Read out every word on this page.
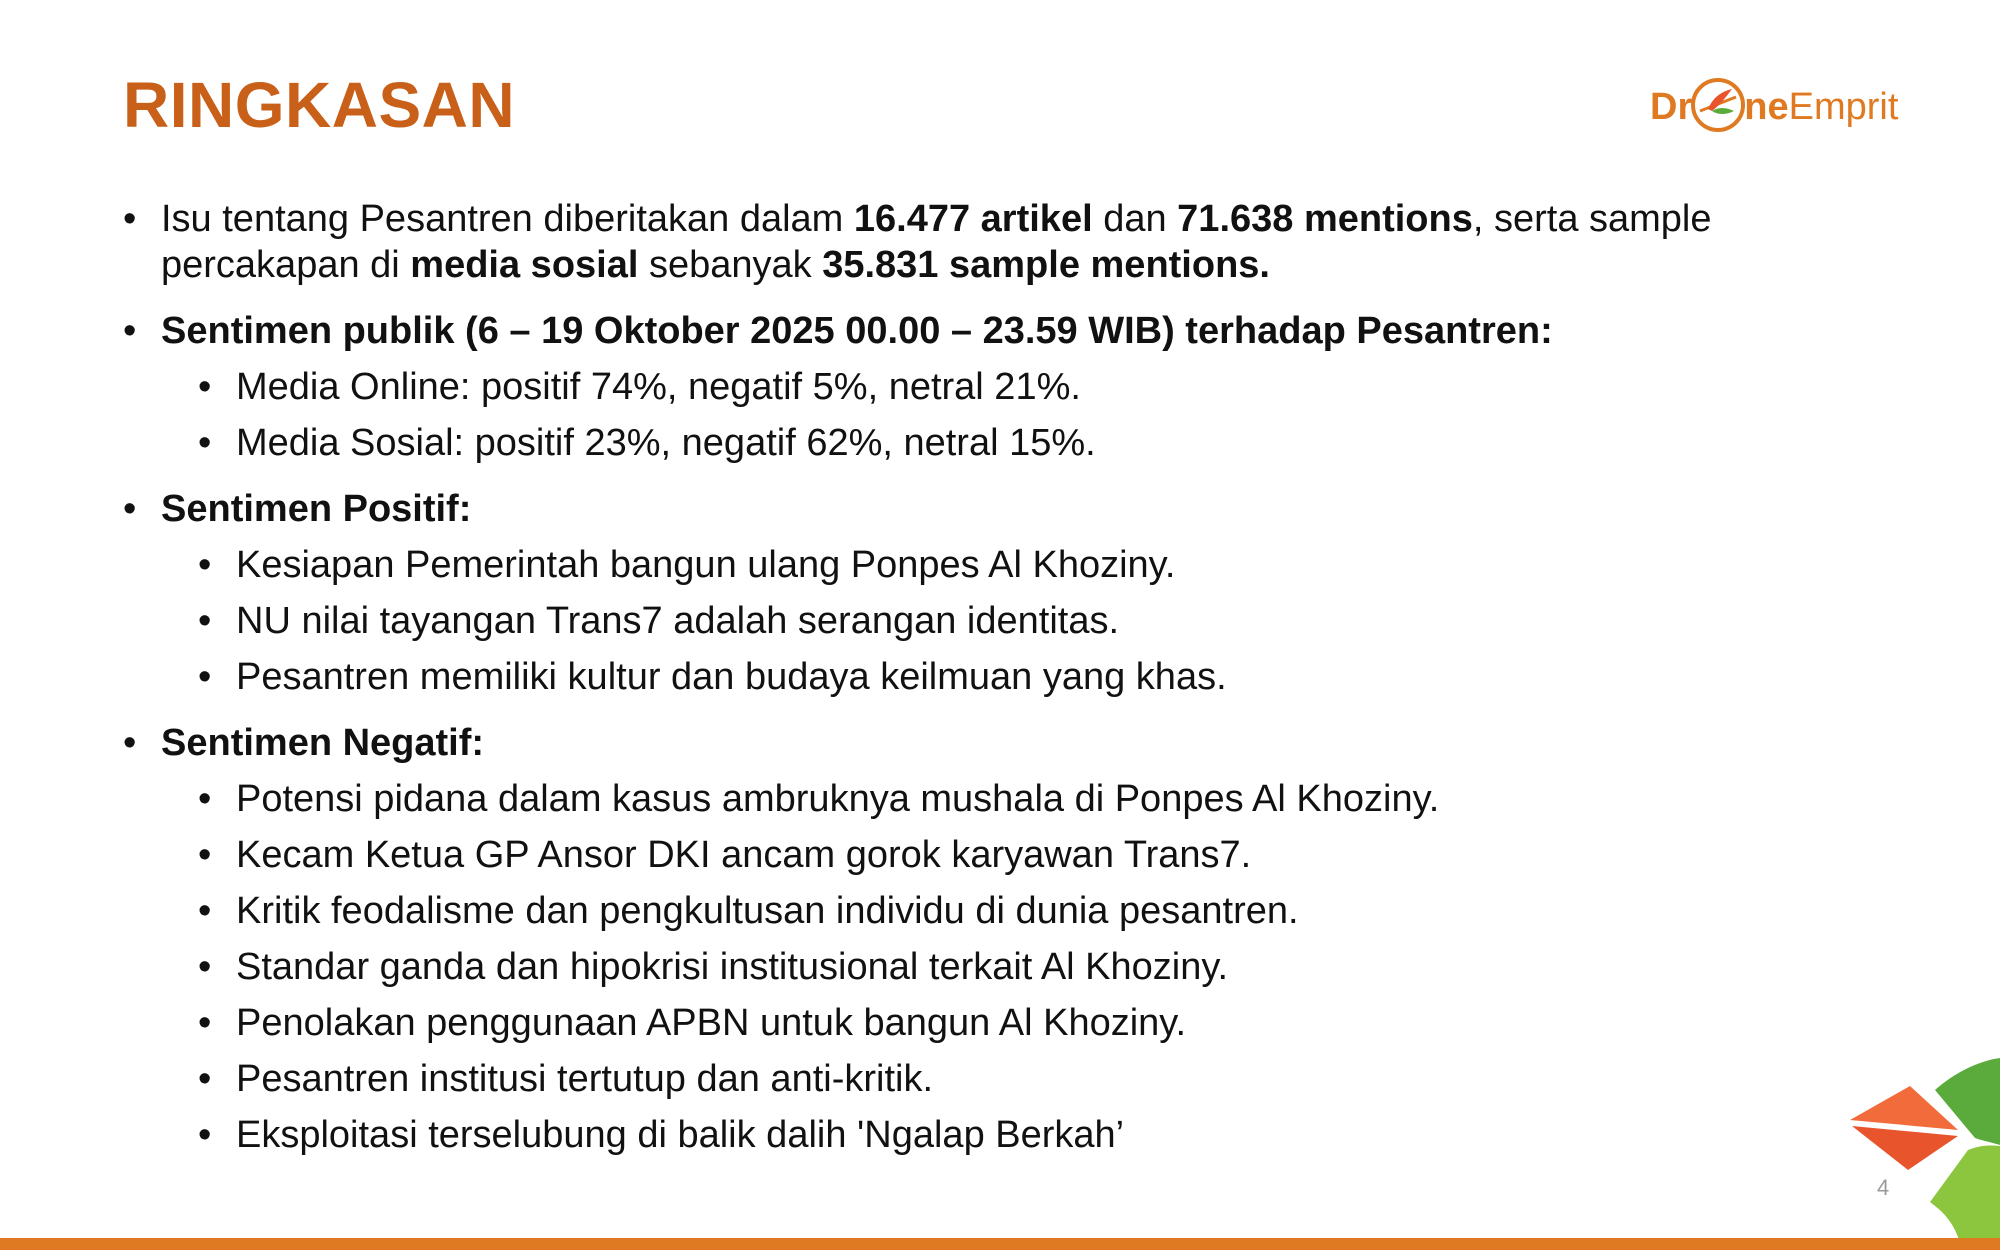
RINGKASAN	Dr neEmprit
• Isu tentang Pesantren diberitakan dalam 16.477 artikel dan 71.638 mentions, serta sample percakapan di media sosial sebanyak 35.831 sample mentions.
• Sentimen publik (6 – 19 Oktober 2025 00.00 – 23.59 WIB) terhadap Pesantren:
• Media Online: positif 74%, negatif 5%, netral 21%.
• Media Sosial: positif 23%, negatif 62%, netral 15%.
• Sentimen Positif:
• Kesiapan Pemerintah bangun ulang Ponpes Al Khoziny.
• NU nilai tayangan Trans7 adalah serangan identitas.
• Pesantren memiliki kultur dan budaya keilmuan yang khas.
• Sentimen Negatif:
• Potensi pidana dalam kasus ambruknya mushala di Ponpes Al Khoziny.
• Kecam Ketua GP Ansor DKI ancam gorok karyawan Trans7.
• Kritik feodalisme dan pengkultusan individu di dunia pesantren.
• Standar ganda dan hipokrisi institusional terkait Al Khoziny.
• Penolakan penggunaan APBN untuk bangun Al Khoziny.
• Pesantren institusi tertutup dan anti-kritik.
• Eksploitasi terselubung di balik dalih 'Ngalap Berkah’
4
